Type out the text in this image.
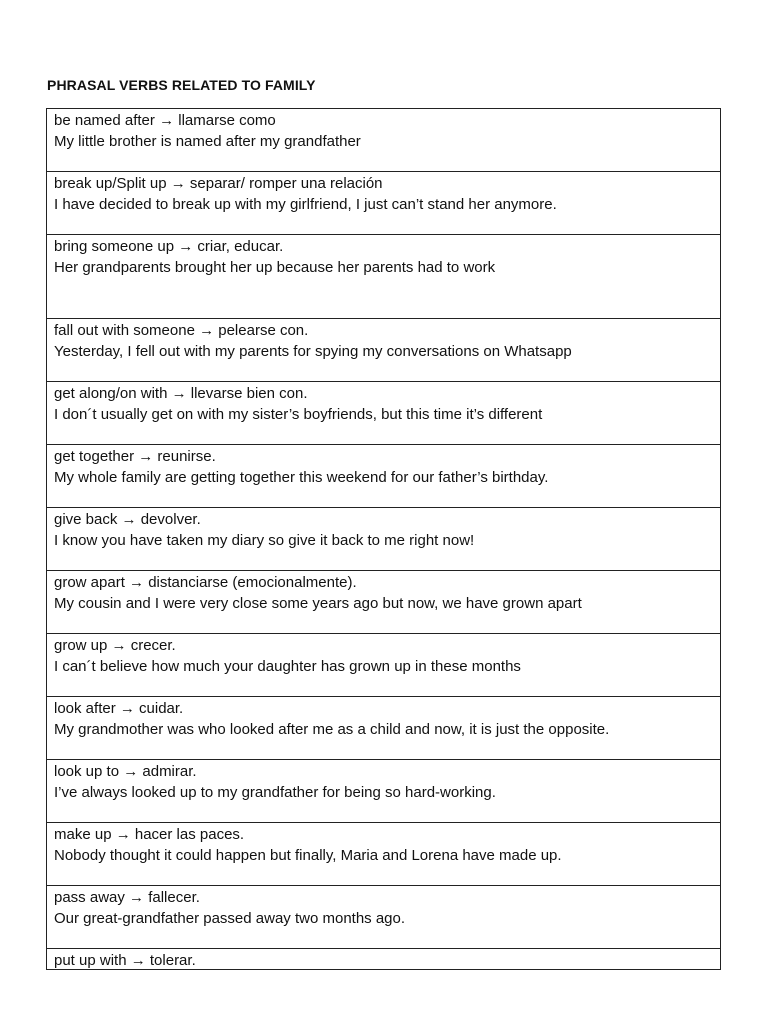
PHRASAL VERBS RELATED TO FAMILY
be named after → llamarse como
My little brother is named after my grandfather
break up/Split up → separar/ romper una relación
I have decided to break up with my girlfriend, I just can’t stand her anymore.
bring someone up → criar, educar.
Her grandparents brought her up because her parents had to work
fall out with someone → pelearse con.
Yesterday, I fell out with my parents for spying my conversations on Whatsapp
get along/on with → llevarse bien con.
I don´t usually get on with my sister’s boyfriends, but this time it’s different
get together → reunirse.
My whole family are getting together this weekend for our father’s birthday.
give back → devolver.
I know you have taken my diary so give it back to me right now!
grow apart → distanciarse (emocionalmente).
My cousin and I were very close some years ago but now, we have grown apart
grow up → crecer.
I can´t believe how much your daughter has grown up in these months
look after → cuidar.
My grandmother was who looked after me as a child and now, it is just the opposite.
look up to → admirar.
I’ve always looked up to my grandfather for being so hard-working.
make up → hacer las paces.
Nobody thought it could happen but finally, Maria and Lorena have made up.
pass away → fallecer.
Our great-grandfather passed away two months ago.
put up with → tolerar.
